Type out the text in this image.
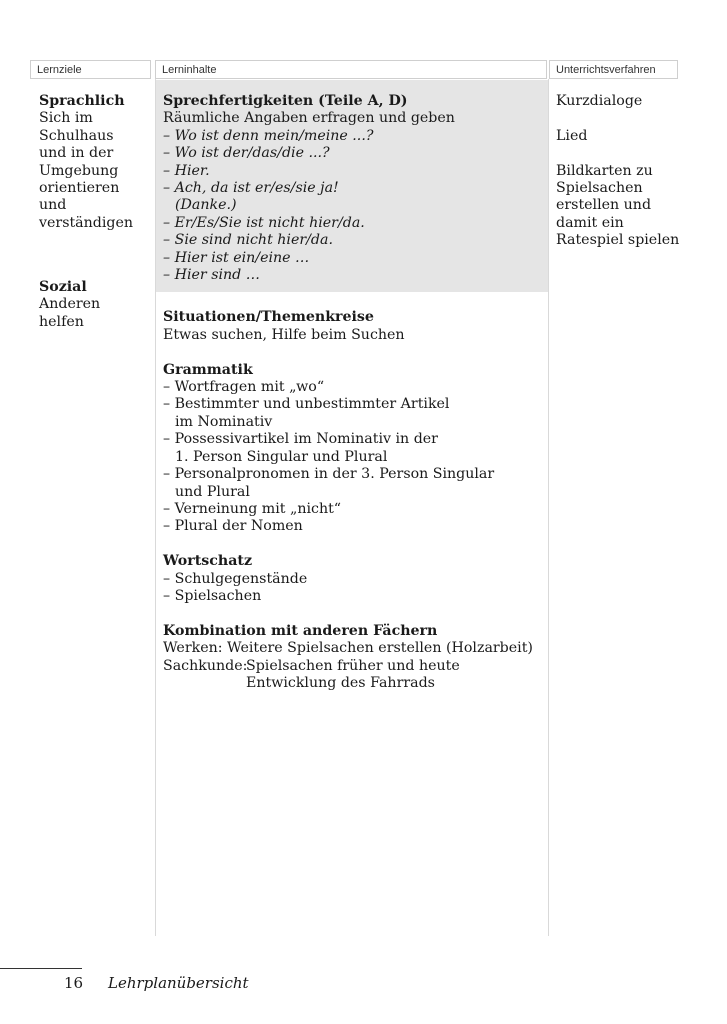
Lernziele	Lerninhalte	Unterrichtsverfahren
Sprachlich
Sich im
Schulhaus
und in der
Umgebung
orientieren
und
verständigen
Sozial
Anderen
helfen
Sprechfertigkeiten (Teile A, D)
Räumliche Angaben erfragen und geben
– Wo ist denn mein/meine ...?
– Wo ist der/das/die ...?
– Hier.
– Ach, da ist er/es/sie ja!
(Danke.)
– Er/Es/Sie ist nicht hier/da.
– Sie sind nicht hier/da.
– Hier ist ein/eine …
– Hier sind …
Situationen/Themenkreise
Etwas suchen, Hilfe beim Suchen
Grammatik
– Wortfragen mit „wo“
– Bestimmter und unbestimmter Artikel
im Nominativ
– Possessivartikel im Nominativ in der
1. Person Singular und Plural
– Personalpronomen in der 3. Person Singular
und Plural
– Verneinung mit „nicht“
– Plural der Nomen
Wortschatz
– Schulgegenstände
– Spielsachen
Kombination mit anderen Fächern
Werken: Weitere Spielsachen erstellen (Holzarbeit)
Sachkunde:Spielsachen früher und heute
Entwicklung des Fahrrads
Kurzdialoge
Lied
Bildkarten zu
Spielsachen
erstellen und
damit ein
Ratespiel spielen
16 Lehrplanübersicht
